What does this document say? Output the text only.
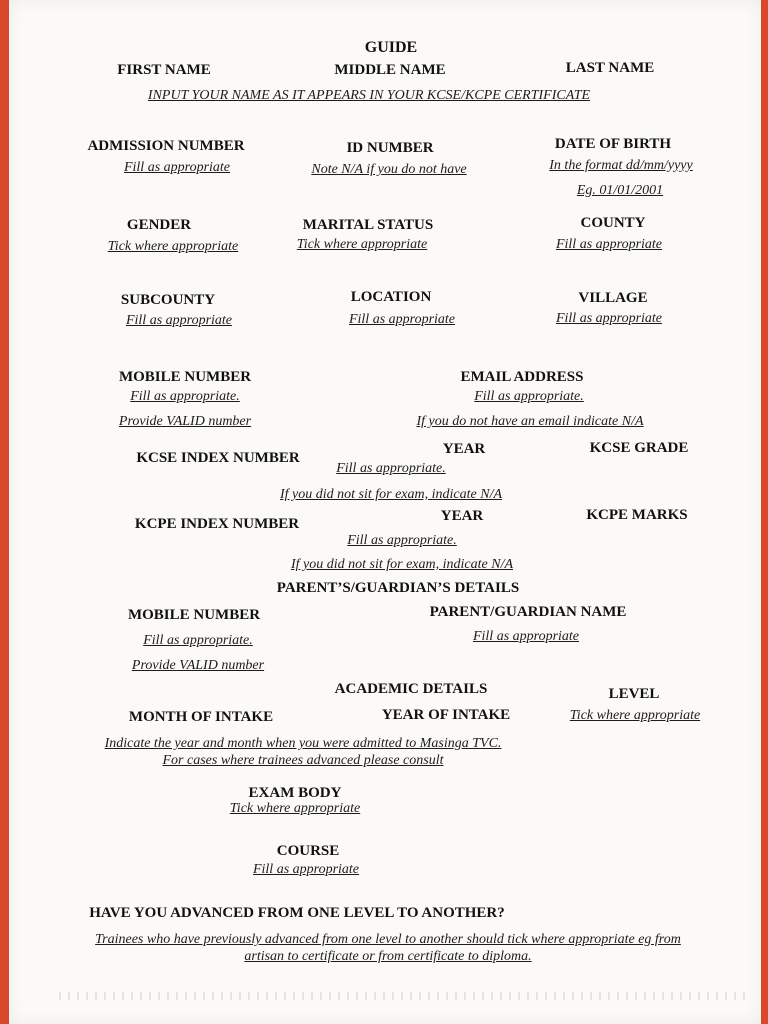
GUIDE
FIRST NAME	MIDDLE NAME	LAST NAME
INPUT YOUR NAME AS IT APPEARS IN YOUR KCSE/KCPE CERTIFICATE
ADMISSION NUMBER
Fill as appropriate
ID NUMBER
Note N/A if you do not have
DATE OF BIRTH
In the format dd/mm/yyyy
Eg. 01/01/2001
GENDER
Tick where appropriate
MARITAL STATUS
Tick where appropriate
COUNTY
Fill as appropriate
SUBCOUNTY
Fill as appropriate
LOCATION
Fill as appropriate
VILLAGE
Fill as appropriate
MOBILE NUMBER
Fill as appropriate.
Provide VALID number
EMAIL ADDRESS
Fill as appropriate.
If you do not have an email indicate N/A
KCSE INDEX NUMBER
YEAR	KCSE GRADE
Fill as appropriate.
If you did not sit for exam, indicate N/A
KCPE INDEX NUMBER	YEAR	KCPE MARKS
Fill as appropriate.
If you did not sit for exam, indicate N/A
PARENT’S/GUARDIAN’S DETAILS
MOBILE NUMBER
Fill as appropriate.
Provide VALID number
PARENT/GUARDIAN NAME
Fill as appropriate
ACADEMIC DETAILS	LEVEL
Tick where appropriate
MONTH OF INTAKE	YEAR OF INTAKE
Indicate the year and month when you were admitted to Masinga TVC. For cases where trainees advanced please consult
EXAM BODY
Tick where appropriate
COURSE
Fill as appropriate
HAVE YOU ADVANCED FROM ONE LEVEL TO ANOTHER?
Trainees who have previously advanced from one level to another should tick where appropriate eg from artisan to certificate or from certificate to diploma.
